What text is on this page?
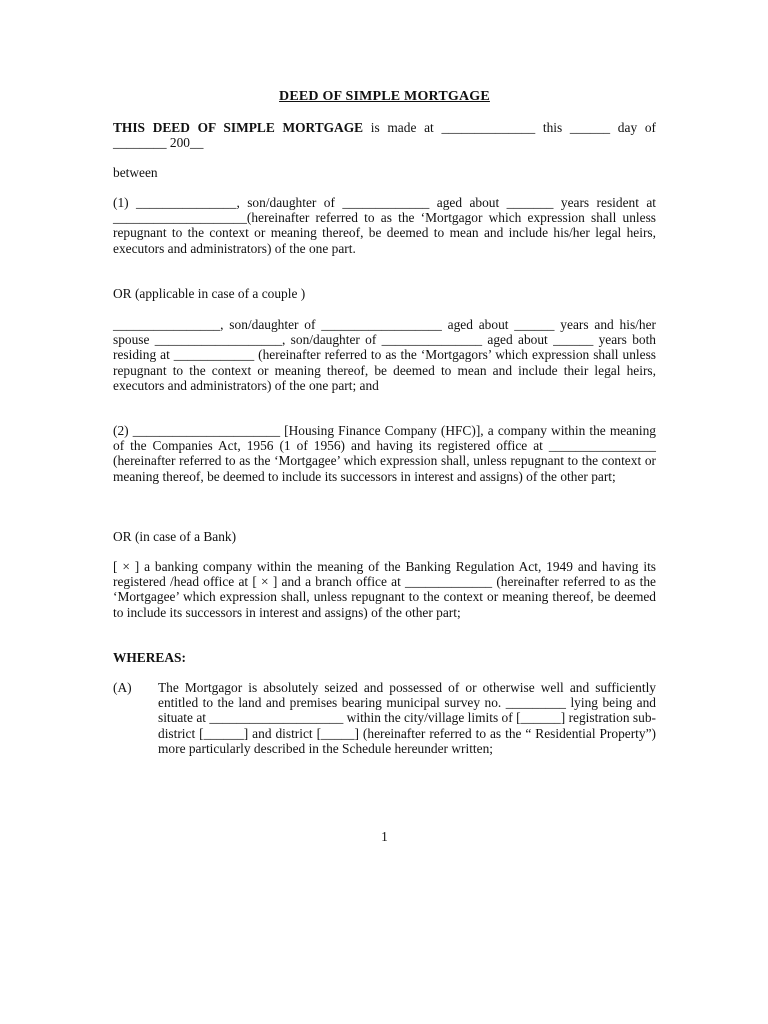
DEED OF SIMPLE MORTGAGE
THIS DEED OF SIMPLE MORTGAGE is made at ______________ this ______ day of ________ 200__
between
(1) _______________, son/daughter of _____________ aged about _______ years resident at ____________________(hereinafter referred to as the ‘Mortgagor which expression shall unless repugnant to the context or meaning thereof, be deemed to mean and include his/her legal heirs, executors and administrators) of the one part.
OR (applicable in case of a couple )
________________, son/daughter of __________________ aged about ______ years and his/her spouse ___________________, son/daughter of _______________ aged about ______ years both residing at ____________ (hereinafter referred to as the ‘Mortgagors’ which expression shall unless repugnant to the context or meaning thereof, be deemed to mean and include their legal heirs, executors and administrators) of the one part; and
(2) ______________________ [Housing Finance Company (HFC)], a company within the meaning of the Companies Act, 1956 (1 of 1956) and having its registered office at ________________ (hereinafter referred to as the ‘Mortgagee’ which expression shall, unless repugnant to the context or meaning thereof, be deemed to include its successors in interest and assigns) of the other part;
OR (in case of a Bank)
[ × ] a banking company within the meaning of the Banking Regulation Act, 1949 and having its registered /head office at [ × ] and a branch office at _____________ (hereinafter referred to as the ‘Mortgagee’ which expression shall, unless repugnant to the context or meaning thereof, be deemed to include its successors in interest and assigns) of the other part;
WHEREAS:
(A) The Mortgagor is absolutely seized and possessed of or otherwise well and sufficiently entitled to the land and premises bearing municipal survey no. _________ lying being and situate at ____________________ within the city/village limits of [______] registration sub-district [______] and district [_____] (hereinafter referred to as the “ Residential Property”) more particularly described in the Schedule hereunder written;
1
